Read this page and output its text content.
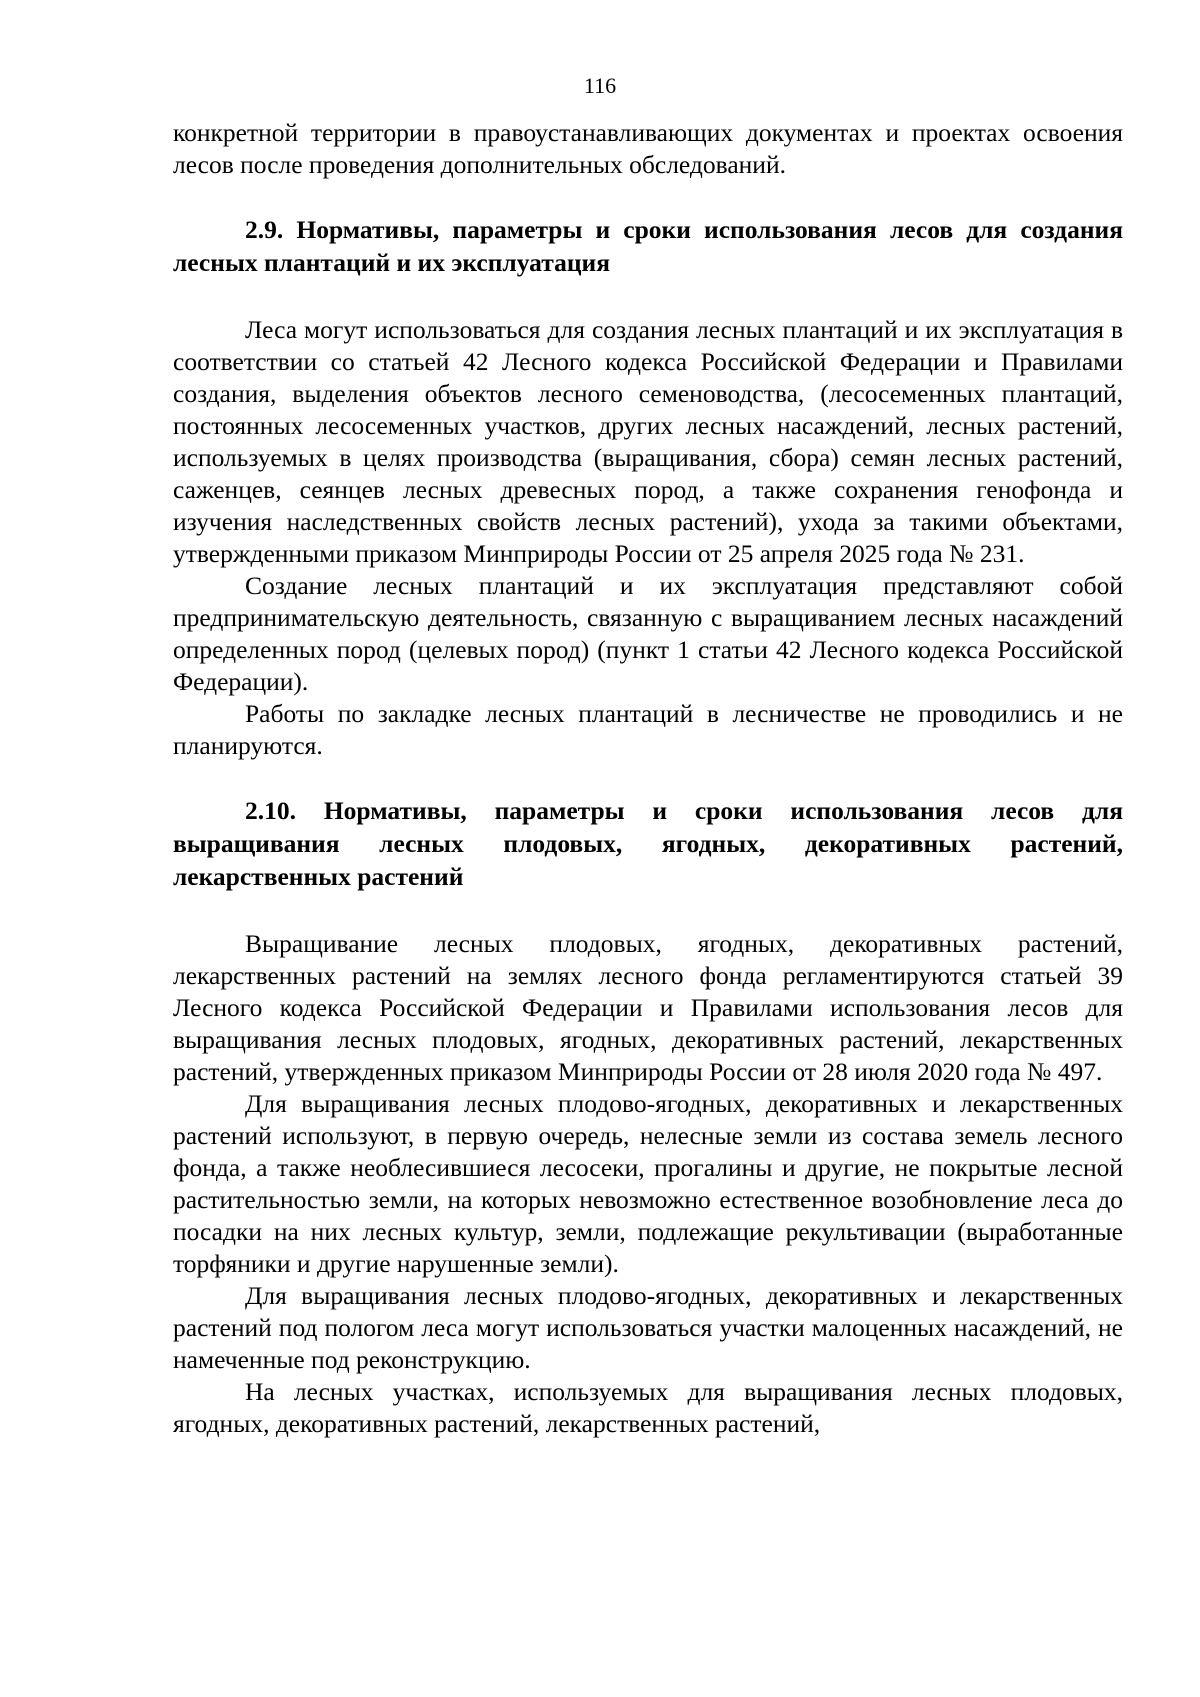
116

конкретной территории в правоустанавливающих документах и проектах освоения лесов после проведения дополнительных обследований.

2.9. Нормативы, параметры и сроки использования лесов для создания лесных плантаций и их эксплуатация

Леса могут использоваться для создания лесных плантаций и их эксплуатация в соответствии со статьей 42 Лесного кодекса Российской Федерации и Правилами создания, выделения объектов лесного семеноводства, (лесосеменных плантаций, постоянных лесосеменных участков, других лесных насаждений, лесных растений, используемых в целях производства (выращивания, сбора) семян лесных растений, саженцев, сеянцев лесных древесных пород, а также сохранения генофонда и изучения наследственных свойств лесных растений), ухода за такими объектами, утвержденными приказом Минприроды России от 25 апреля 2025 года № 231.

Создание лесных плантаций и их эксплуатация представляют собой предпринимательскую деятельность, связанную с выращиванием лесных насаждений определенных пород (целевых пород) (пункт 1 статьи 42 Лесного кодекса Российской Федерации).

Работы по закладке лесных плантаций в лесничестве не проводились и не планируются.

2.10. Нормативы, параметры и сроки использования лесов для выращивания лесных плодовых, ягодных, декоративных растений, лекарственных растений

Выращивание лесных плодовых, ягодных, декоративных растений, лекарственных растений на землях лесного фонда регламентируются статьей 39 Лесного кодекса Российской Федерации и Правилами использования лесов для выращивания лесных плодовых, ягодных, декоративных растений, лекарственных растений, утвержденных приказом Минприроды России от 28 июля 2020 года № 497.

Для выращивания лесных плодово-ягодных, декоративных и лекарственных растений используют, в первую очередь, нелесные земли из состава земель лесного фонда, а также необлесившиеся лесосеки, прогалины и другие, не покрытые лесной растительностью земли, на которых невозможно естественное возобновление леса до посадки на них лесных культур, земли, подлежащие рекультивации (выработанные торфяники и другие нарушенные земли).

Для выращивания лесных плодово-ягодных, декоративных и лекарственных растений под пологом леса могут использоваться участки малоценных насаждений, не намеченные под реконструкцию.

На лесных участках, используемых для выращивания лесных плодовых, ягодных, декоративных растений, лекарственных растений,
